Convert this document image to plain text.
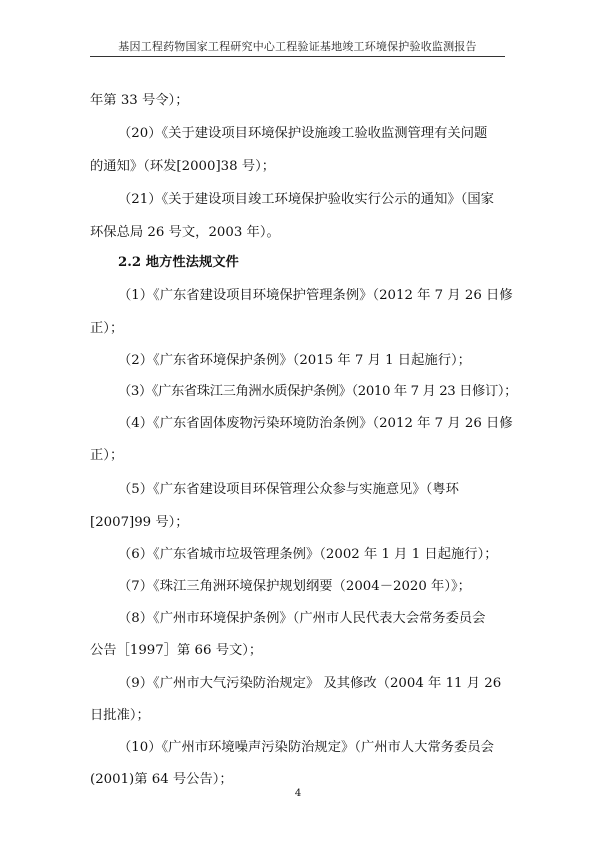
基因工程药物国家工程研究中心工程验证基地竣工环境保护验收监测报告
年第 33 号令）；
（20）《关于建设项目环境保护设施竣工验收监测管理有关问题
的通知》（环发[2000]38 号）；
（21）《关于建设项目竣工环境保护验收实行公示的通知》（国家
环保总局 26 号文，2003 年）。
2.2 地方性法规文件
（1）《广东省建设项目环境保护管理条例》（2012 年 7 月 26 日修
正）；
（2）《广东省环境保护条例》（2015 年 7 月 1 日起施行）；
（3）《广东省珠江三角洲水质保护条例》（2010 年 7 月 23 日修订）；
（4）《广东省固体废物污染环境防治条例》（2012 年 7 月 26 日修
正）；
（5）《广东省建设项目环保管理公众参与实施意见》（粤环
[2007]99 号）；
（6）《广东省城市垃圾管理条例》（2002 年 1 月 1 日起施行）；
（7）《珠江三角洲环境保护规划纲要（2004－2020 年）》；
（8）《广州市环境保护条例》（广州市人民代表大会常务委员会
公告［1997］第 66 号文）；
（9）《广州市大气污染防治规定》 及其修改（2004 年 11 月 26
日批准）；
（10）《广州市环境噪声污染防治规定》（广州市人大常务委员会
(2001)第 64 号公告）；
4
